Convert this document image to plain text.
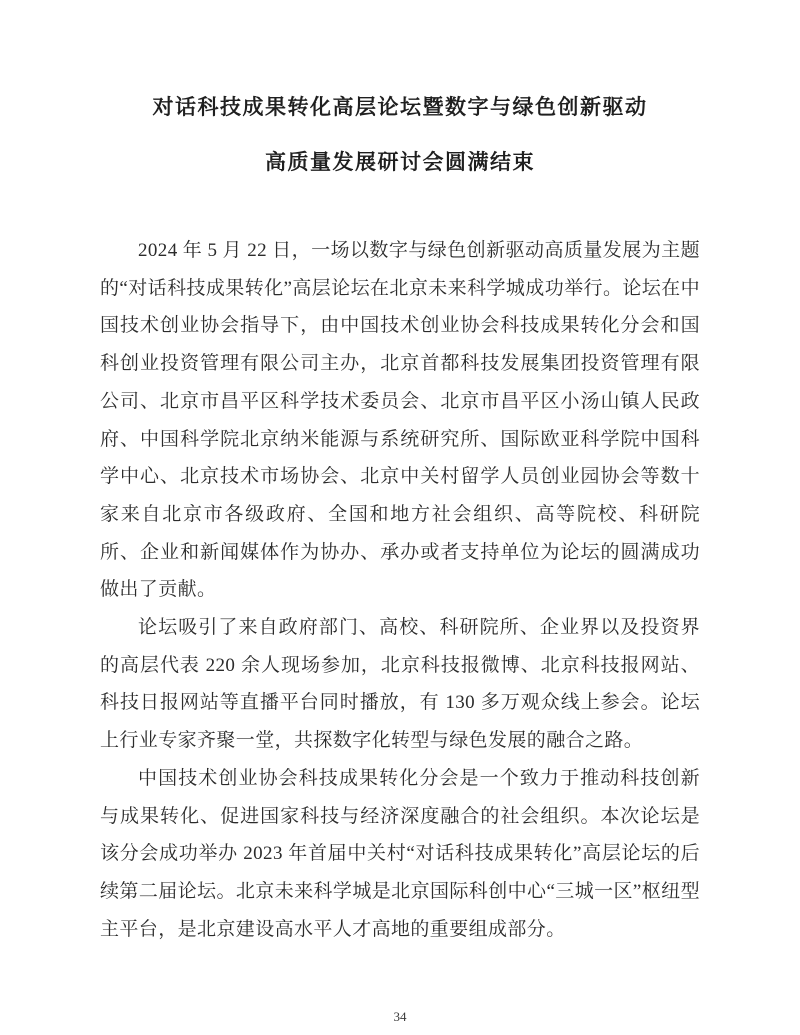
对话科技成果转化高层论坛暨数字与绿色创新驱动
高质量发展研讨会圆满结束

2024 年 5 月 22 日，一场以数字与绿色创新驱动高质量发展为主题的“对话科技成果转化”高层论坛在北京未来科学城成功举行。论坛在中国技术创业协会指导下，由中国技术创业协会科技成果转化分会和国科创业投资管理有限公司主办，北京首都科技发展集团投资管理有限公司、北京市昌平区科学技术委员会、北京市昌平区小汤山镇人民政府、中国科学院北京纳米能源与系统研究所、国际欧亚科学院中国科学中心、北京技术市场协会、北京中关村留学人员创业园协会等数十家来自北京市各级政府、全国和地方社会组织、高等院校、科研院所、企业和新闻媒体作为协办、承办或者支持单位为论坛的圆满成功做出了贡献。

论坛吸引了来自政府部门、高校、科研院所、企业界以及投资界的高层代表 220 余人现场参加，北京科技报微博、北京科技报网站、科技日报网站等直播平台同时播放，有 130 多万观众线上参会。论坛上行业专家齐聚一堂，共探数字化转型与绿色发展的融合之路。

中国技术创业协会科技成果转化分会是一个致力于推动科技创新与成果转化、促进国家科技与经济深度融合的社会组织。本次论坛是该分会成功举办 2023 年首届中关村“对话科技成果转化”高层论坛的后续第二届论坛。北京未来科学城是北京国际科创中心“三城一区”枢纽型主平台，是北京建设高水平人才高地的重要组成部分。

34
